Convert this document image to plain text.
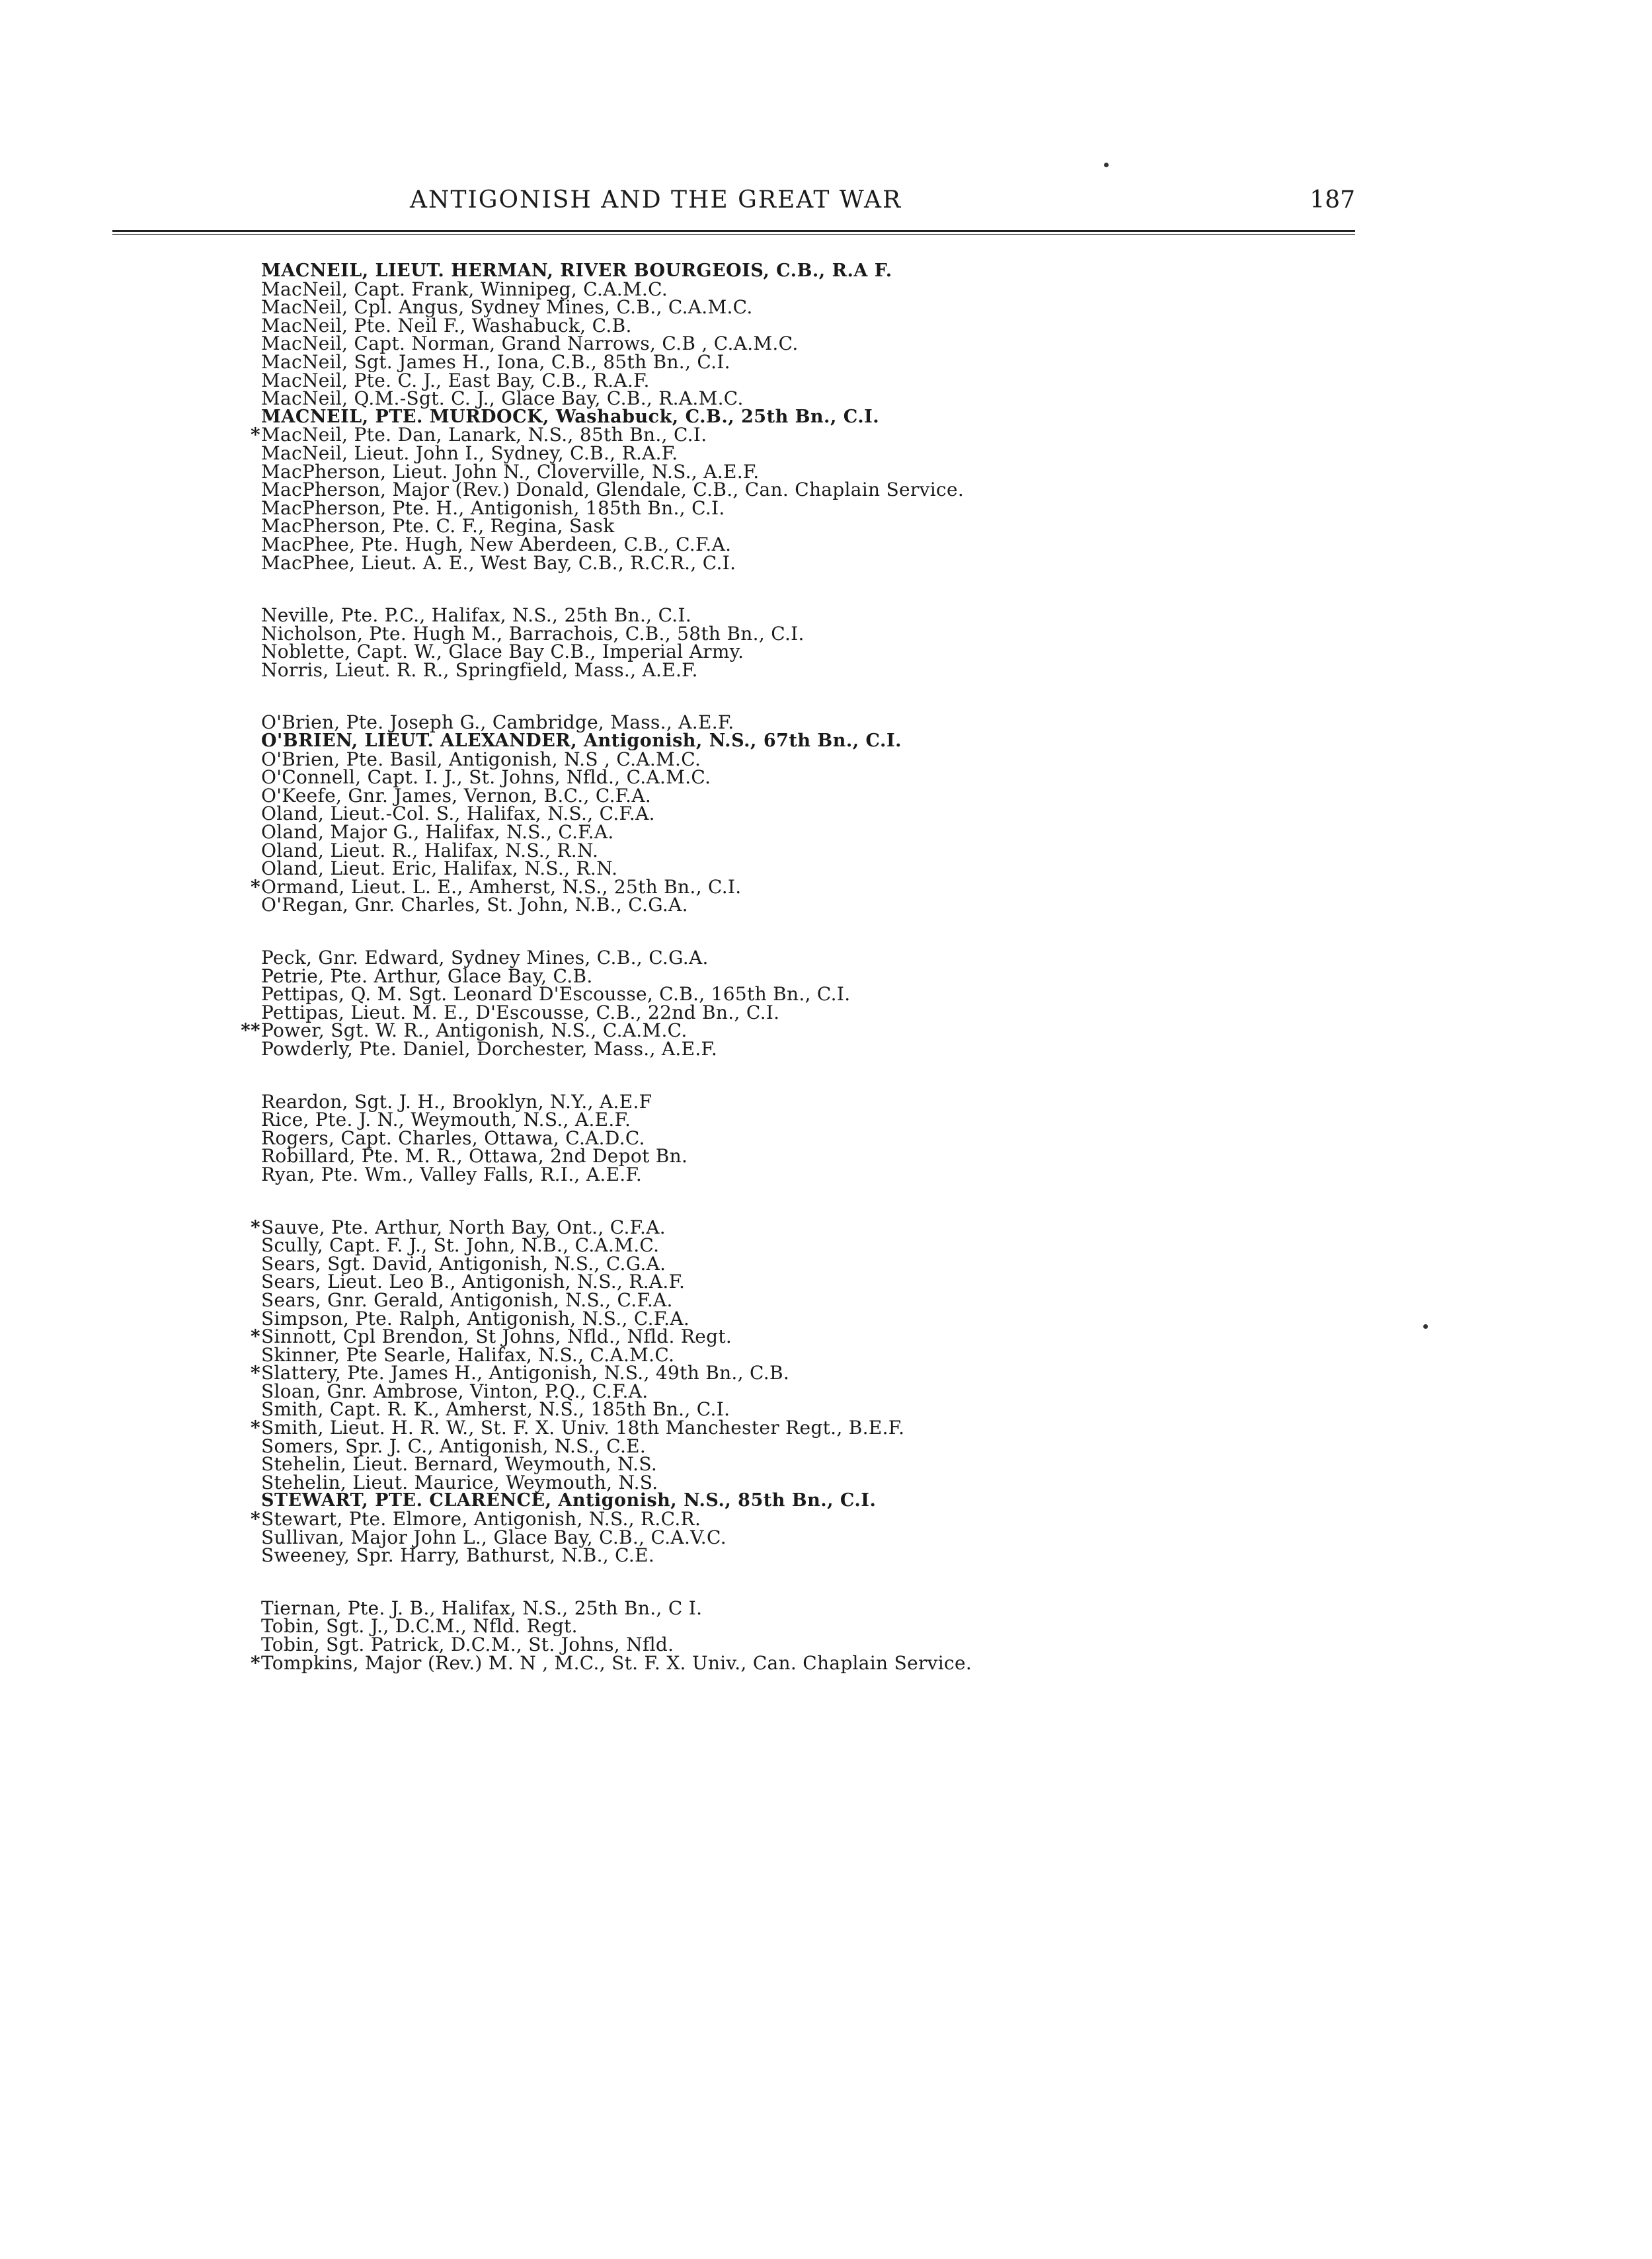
ANTIGONISH AND THE GREAT WAR	187
MACNEIL, LIEUT. HERMAN, RIVER BOURGEOIS, C.B., R.A F.
MacNeil, Capt. Frank, Winnipeg, C.A.M.C.
MacNeil, Cpl. Angus, Sydney Mines, C.B., C.A.M.C.
MacNeil, Pte. Neil F., Washabuck, C.B.
MacNeil, Capt. Norman, Grand Narrows, C.B , C.A.M.C.
MacNeil, Sgt. James H., Iona, C.B., 85th Bn., C.I.
MacNeil, Pte. C. J., East Bay, C.B., R.A.F.
MacNeil, Q.M.-Sgt. C. J., Glace Bay, C.B., R.A.M.C.
MACNEIL, PTE. MURDOCK, Washabuck, C.B., 25th Bn., C.I.
* MacNeil, Pte. Dan, Lanark, N.S., 85th Bn., C.I.
MacNeil, Lieut. John I., Sydney, C.B., R.A.F.
MacPherson, Lieut. John N., Cloverville, N.S., A.E.F.
MacPherson, Major (Rev.) Donald, Glendale, C.B., Can. Chaplain Service.
MacPherson, Pte. H., Antigonish, 185th Bn., C.I.
MacPherson, Pte. C. F., Regina, Sask
MacPhee, Pte. Hugh, New Aberdeen, C.B., C.F.A.
MacPhee, Lieut. A. E., West Bay, C.B., R.C.R., C.I.
Neville, Pte. P.C., Halifax, N.S., 25th Bn., C.I.
Nicholson, Pte. Hugh M., Barrachois, C.B., 58th Bn., C.I.
Noblette, Capt. W., Glace Bay C.B., Imperial Army.
Norris, Lieut. R. R., Springfield, Mass., A.E.F.
O'Brien, Pte. Joseph G., Cambridge, Mass., A.E.F.
O'BRIEN, LIEUT. ALEXANDER, Antigonish, N.S., 67th Bn., C.I.
O'Brien, Pte. Basil, Antigonish, N.S , C.A.M.C.
O'Connell, Capt. I. J., St. Johns, Nfld., C.A.M.C.
O'Keefe, Gnr. James, Vernon, B.C., C.F.A.
Oland, Lieut.-Col. S., Halifax, N.S., C.F.A.
Oland, Major G., Halifax, N.S., C.F.A.
Oland, Lieut. R., Halifax, N.S., R.N.
Oland, Lieut. Eric, Halifax, N.S., R.N.
* Ormand, Lieut. L. E., Amherst, N.S., 25th Bn., C.I.
O'Regan, Gnr. Charles, St. John, N.B., C.G.A.
Peck, Gnr. Edward, Sydney Mines, C.B., C.G.A.
Petrie, Pte. Arthur, Glace Bay, C.B.
Pettipas, Q. M. Sgt. Leonard D'Escousse, C.B., 165th Bn., C.I.
Pettipas, Lieut. M. E., D'Escousse, C.B., 22nd Bn., C.I.
** Power, Sgt. W. R., Antigonish, N.S., C.A.M.C.
Powderly, Pte. Daniel, Dorchester, Mass., A.E.F.
Reardon, Sgt. J. H., Brooklyn, N.Y., A.E.F
Rice, Pte. J. N., Weymouth, N.S., A.E.F.
Rogers, Capt. Charles, Ottawa, C.A.D.C.
Robillard, Pte. M. R., Ottawa, 2nd Depot Bn.
Ryan, Pte. Wm., Valley Falls, R.I., A.E.F.
* Sauve, Pte. Arthur, North Bay, Ont., C.F.A.
Scully, Capt. F. J., St. John, N.B., C.A.M.C.
Sears, Sgt. David, Antigonish, N.S., C.G.A.
Sears, Lieut. Leo B., Antigonish, N.S., R.A.F.
Sears, Gnr. Gerald, Antigonish, N.S., C.F.A.
Simpson, Pte. Ralph, Antigonish, N.S., C.F.A.
* Sinnott, Cpl Brendon, St Johns, Nfld., Nfld. Regt.
Skinner, Pte Searle, Halifax, N.S., C.A.M.C.
* Slattery, Pte. James H., Antigonish, N.S., 49th Bn., C.B.
Sloan, Gnr. Ambrose, Vinton, P.Q., C.F.A.
Smith, Capt. R. K., Amherst, N.S., 185th Bn., C.I.
* Smith, Lieut. H. R. W., St. F. X. Univ. 18th Manchester Regt., B.E.F.
Somers, Spr. J. C., Antigonish, N.S., C.E.
Stehelin, Lieut. Bernard, Weymouth, N.S.
Stehelin, Lieut. Maurice, Weymouth, N.S.
STEWART, PTE. CLARENCE, Antigonish, N.S., 85th Bn., C.I.
* Stewart, Pte. Elmore, Antigonish, N.S., R.C.R.
Sullivan, Major John L., Glace Bay, C.B., C.A.V.C.
Sweeney, Spr. Harry, Bathurst, N.B., C.E.
Tiernan, Pte. J. B., Halifax, N.S., 25th Bn., C I.
Tobin, Sgt. J., D.C.M., Nfld. Regt.
Tobin, Sgt. Patrick, D.C.M., St. Johns, Nfld.
* Tompkins, Major (Rev.) M. N , M.C., St. F. X. Univ., Can. Chaplain Service.
